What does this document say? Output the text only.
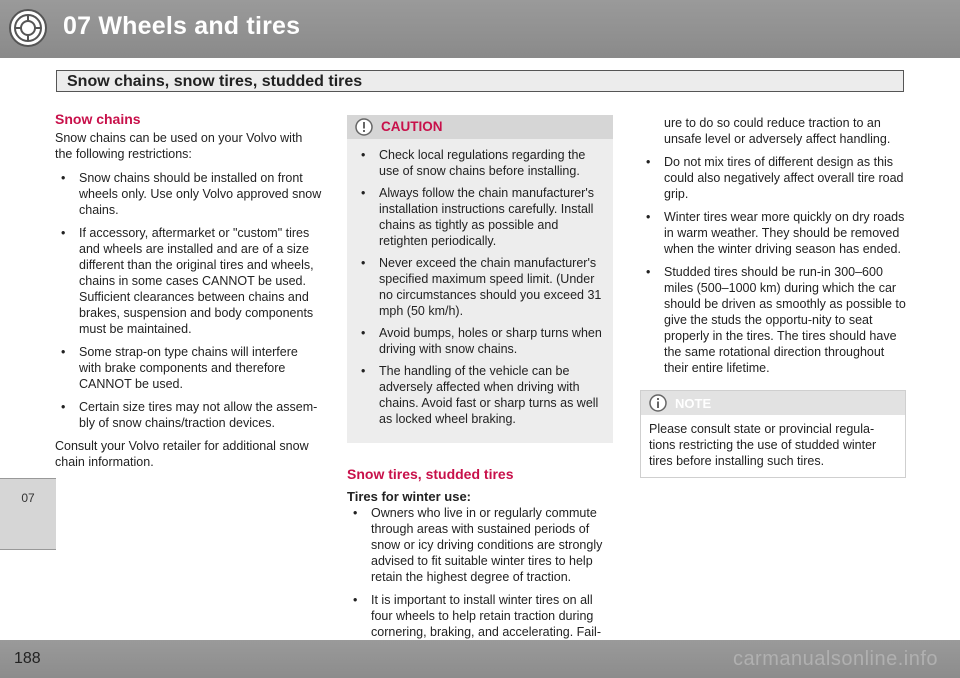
07 Wheels and tires
Snow chains, snow tires, studded tires
07
Snow chains

Snow chains can be used on your Volvo with the following restrictions:

• Snow chains should be installed on front wheels only. Use only Volvo approved snow chains.
• If accessory, aftermarket or "custom" tires and wheels are installed and are of a size different than the original tires and wheels, chains in some cases CANNOT be used. Sufficient clearances between chains and brakes, suspension and body components must be maintained.
• Some strap-on type chains will interfere with brake components and therefore CANNOT be used.
• Certain size tires may not allow the assem-bly of snow chains/traction devices.

Consult your Volvo retailer for additional snow chain information.

CAUTION
• Check local regulations regarding the use of snow chains before installing.
• Always follow the chain manufacturer's installation instructions carefully. Install chains as tightly as possible and retighten periodically.
• Never exceed the chain manufacturer's specified maximum speed limit. (Under no circumstances should you exceed 31 mph (50 km/h).
• Avoid bumps, holes or sharp turns when driving with snow chains.
• The handling of the vehicle can be adversely affected when driving with chains. Avoid fast or sharp turns as well as locked wheel braking.
Snow tires, studded tires
Tires for winter use:
• Owners who live in or regularly commute through areas with sustained periods of snow or icy driving conditions are strongly advised to fit suitable winter tires to help retain the highest degree of traction.
• It is important to install winter tires on all four wheels to help retain traction during cornering, braking, and accelerating. Fail-
ure to do so could reduce traction to an unsafe level or adversely affect handling.
• Do not mix tires of different design as this could also negatively affect overall tire road grip.
• Winter tires wear more quickly on dry roads in warm weather. They should be removed when the winter driving season has ended.
• Studded tires should be run-in 300–600 miles (500–1000 km) during which the car should be driven as smoothly as possible to give the studs the opportu-nity to seat properly in the tires. The tires should have the same rotational direction throughout their entire lifetime.
NOTE
Please consult state or provincial regula-tions restricting the use of studded winter tires before installing such tires.
188	carmanualsonline.info
